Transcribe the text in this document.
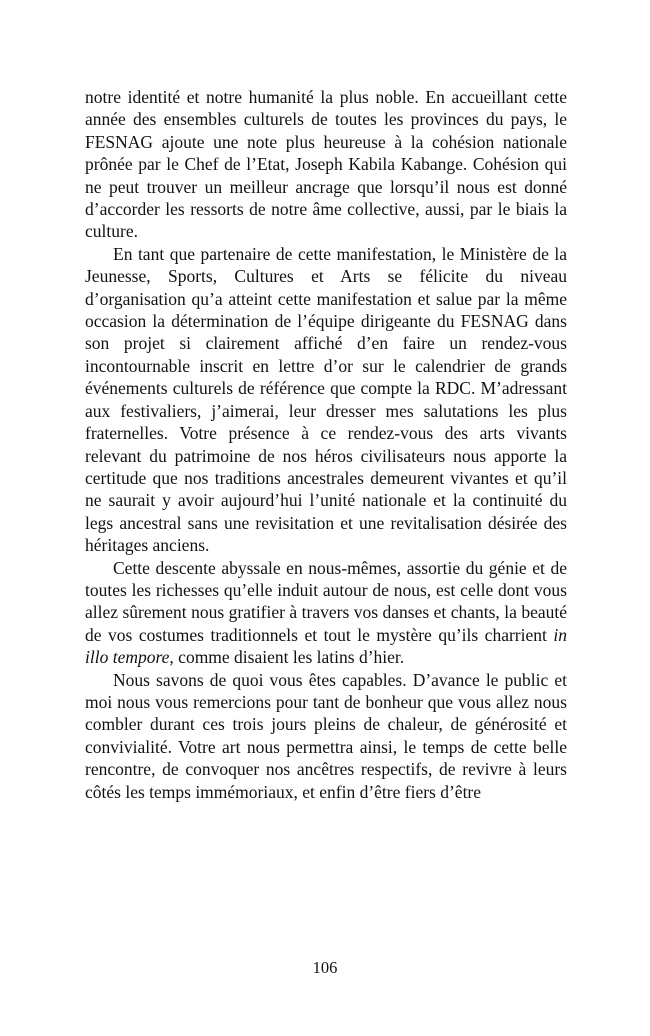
notre identité et notre humanité la plus noble. En accueillant cette année des ensembles culturels de toutes les provinces du pays, le FESNAG ajoute une note plus heureuse à la cohésion nationale prônée par le Chef de l’Etat, Joseph Kabila Kabange. Cohésion qui ne peut trouver un meilleur ancrage que lorsqu’il nous est donné d’accorder les ressorts de notre âme collective, aussi, par le biais la culture.

En tant que partenaire de cette manifestation, le Ministère de la Jeunesse, Sports, Cultures et Arts se félicite du niveau d’organisation qu’a atteint cette manifestation et salue par la même occasion la détermination de l’équipe dirigeante du FESNAG dans son projet si clairement affiché d’en faire un rendez-vous incontournable inscrit en lettre d’or sur le calendrier de grands événements culturels de référence que compte la RDC. M’adressant aux festivaliers, j’aimerai, leur dresser mes salutations les plus fraternelles. Votre présence à ce rendez-vous des arts vivants relevant du patrimoine de nos héros civilisateurs nous apporte la certitude que nos traditions ancestrales demeurent vivantes et qu’il ne saurait y avoir aujourd’hui l’unité nationale et la continuité du legs ancestral sans une revisitation et une revitalisation désirée des héritages anciens.

Cette descente abyssale en nous-mêmes, assortie du génie et de toutes les richesses qu’elle induit autour de nous, est celle dont vous allez sûrement nous gratifier à travers vos danses et chants, la beauté de vos costumes traditionnels et tout le mystère qu’ils charrient in illo tempore, comme disaient les latins d’hier.

Nous savons de quoi vous êtes capables. D’avance le public et moi nous vous remercions pour tant de bonheur que vous allez nous combler durant ces trois jours pleins de chaleur, de générosité et convivialité. Votre art nous permettra ainsi, le temps de cette belle rencontre, de convoquer nos ancêtres respectifs, de revivre à leurs côtés les temps immémoriaux, et enfin d’être fiers d’être

106
